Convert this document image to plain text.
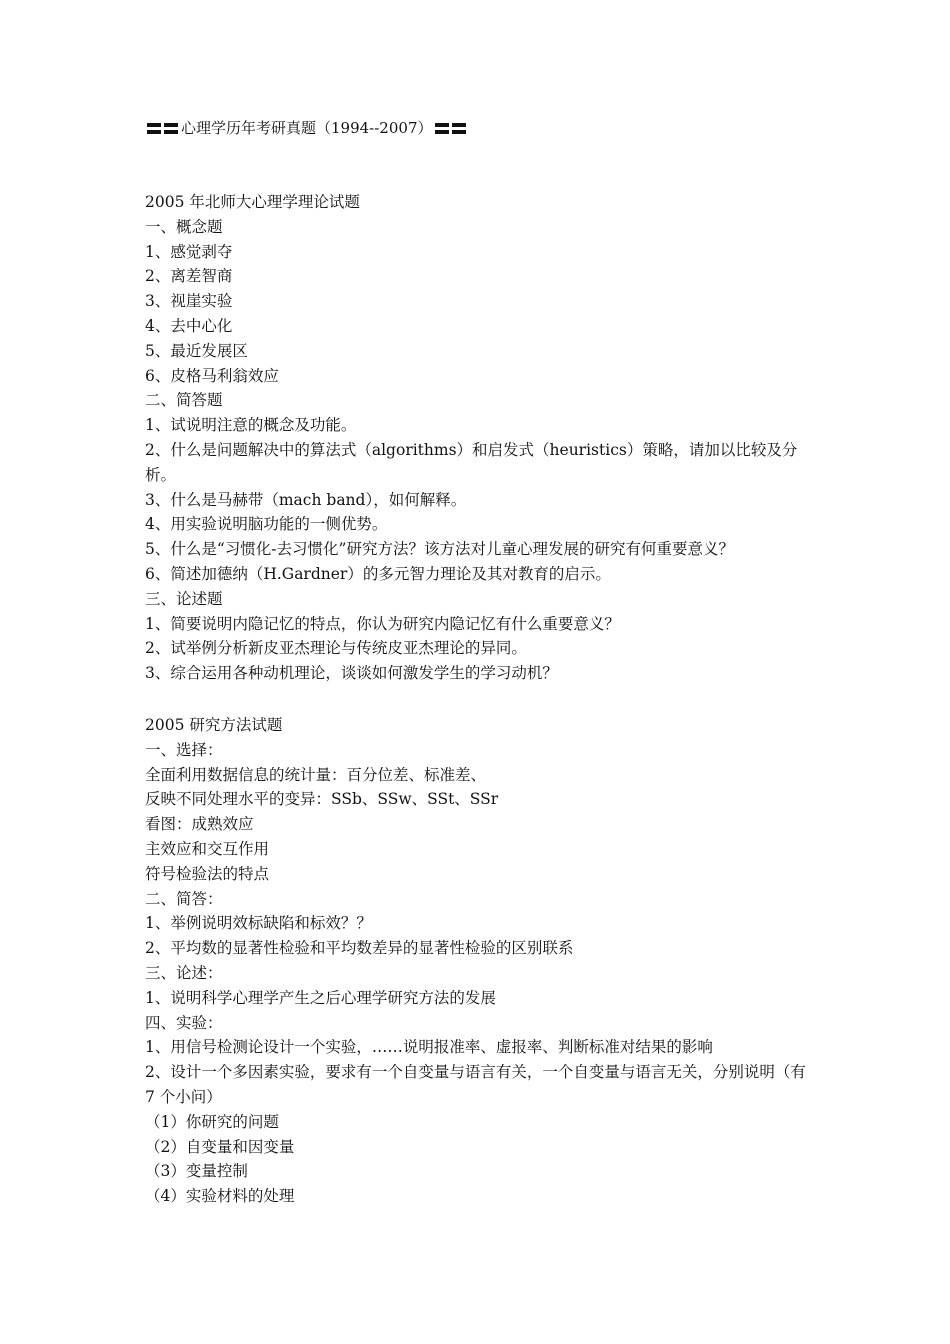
心理学历年考研真题（1994--2007）

2005 年北师大心理学理论试题

一、概念题

1、感觉剥夺

2、离差智商

3、视崖实验

4、去中心化

5、最近发展区

6、皮格马利翁效应

二、简答题

1、试说明注意的概念及功能。

2、什么是问题解决中的算法式（algorithms）和启发式（heuristics）策略，请加以比较及分析。

3、什么是马赫带（mach band），如何解释。

4、用实验说明脑功能的一侧优势。

5、什么是“习惯化-去习惯化”研究方法？该方法对儿童心理发展的研究有何重要意义？

6、简述加德纳（H.Gardner）的多元智力理论及其对教育的启示。

三、论述题

1、简要说明内隐记忆的特点，你认为研究内隐记忆有什么重要意义？

2、试举例分析新皮亚杰理论与传统皮亚杰理论的异同。

3、综合运用各种动机理论，谈谈如何激发学生的学习动机？

2005 研究方法试题

一、选择：

全面利用数据信息的统计量：百分位差、标准差、

反映不同处理水平的变异：SSb、SSw、SSt、SSr

看图：成熟效应

主效应和交互作用

符号检验法的特点

二、简答：

1、举例说明效标缺陷和标效？？

2、平均数的显著性检验和平均数差异的显著性检验的区别联系

三、论述：

1、说明科学心理学产生之后心理学研究方法的发展

四、实验：

1、用信号检测论设计一个实验，……说明报准率、虚报率、判断标准对结果的影响

2、设计一个多因素实验，要求有一个自变量与语言有关，一个自变量与语言无关，分别说明（有 7 个小问）

（1）你研究的问题

（2）自变量和因变量

（3）变量控制

（4）实验材料的处理
